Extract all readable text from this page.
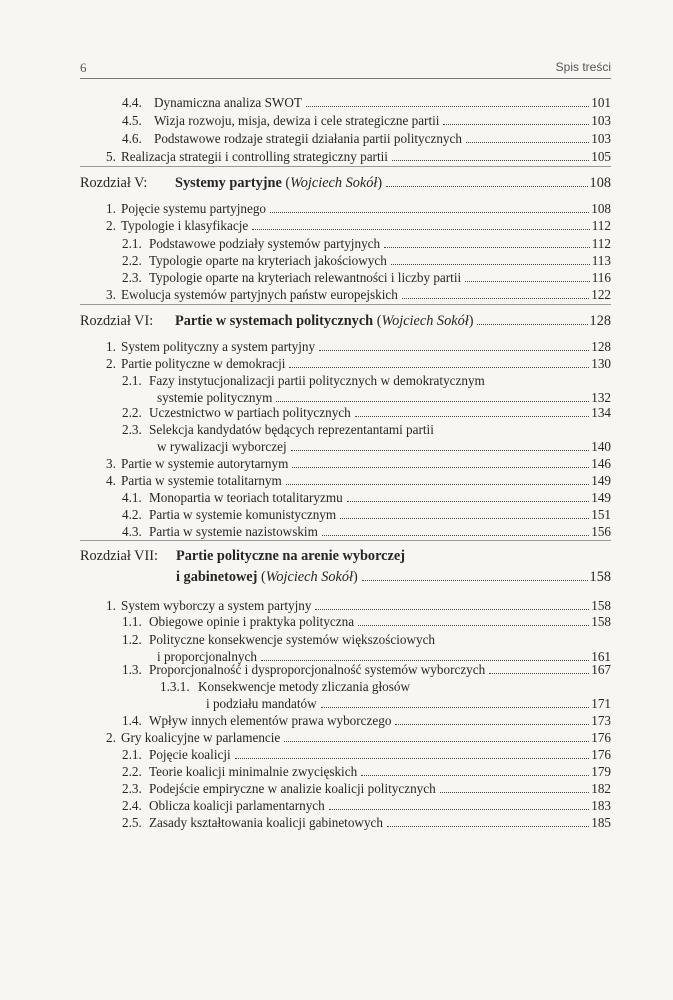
6	Spis treści
4.4. Dynamiczna analiza SWOT	101
4.5. Wizja rozwoju, misja, dewiza i cele strategiczne partii	103
4.6. Podstawowe rodzaje strategii działania partii politycznych	103
5. Realizacja strategii i controlling strategiczny partii	105
Rozdział V:	Systemy partyjne (Wojciech Sokół)	108
1. Pojęcie systemu partyjnego	108
2. Typologie i klasyfikacje	112
2.1. Podstawowe podziały systemów partyjnych	112
2.2. Typologie oparte na kryteriach jakościowych	113
2.3. Typologie oparte na kryteriach relewantności i liczby partii	116
3. Ewolucja systemów partyjnych państw europejskich	122
Rozdział VI:	Partie w systemach politycznych (Wojciech Sokół)	128
1. System polityczny a system partyjny	128
2. Partie polityczne w demokracji	130
2.1. Fazy instytucjonalizacji partii politycznych w demokratycznym
systemie politycznym	132
2.2. Uczestnictwo w partiach politycznych	134
2.3. Selekcja kandydatów będących reprezentantami partii
w rywalizacji wyborczej	140
3. Partie w systemie autorytarnym	146
4. Partia w systemie totalitarnym	149
4.1. Monopartia w teoriach totalitaryzmu	149
4.2. Partia w systemie komunistycznym	151
4.3. Partia w systemie nazistowskim	156
Rozdział VII:	Partie polityczne na arenie wyborczej
i gabinetowej (Wojciech Sokół)	158
1. System wyborczy a system partyjny	158
1.1. Obiegowe opinie i praktyka polityczna	158
1.2. Polityczne konsekwencje systemów większościowych
i proporcjonalnych	161
1.3. Proporcjonalność i dysproporcjonalność systemów wyborczych	167
1.3.1. Konsekwencje metody zliczania głosów
i podziału mandatów	171
1.4. Wpływ innych elementów prawa wyborczego	173
2. Gry koalicyjne w parlamencie	176
2.1. Pojęcie koalicji	176
2.2. Teorie koalicji minimalnie zwycięskich	179
2.3. Podejście empiryczne w analizie koalicji politycznych	182
2.4. Oblicza koalicji parlamentarnych	183
2.5. Zasady kształtowania koalicji gabinetowych	185
